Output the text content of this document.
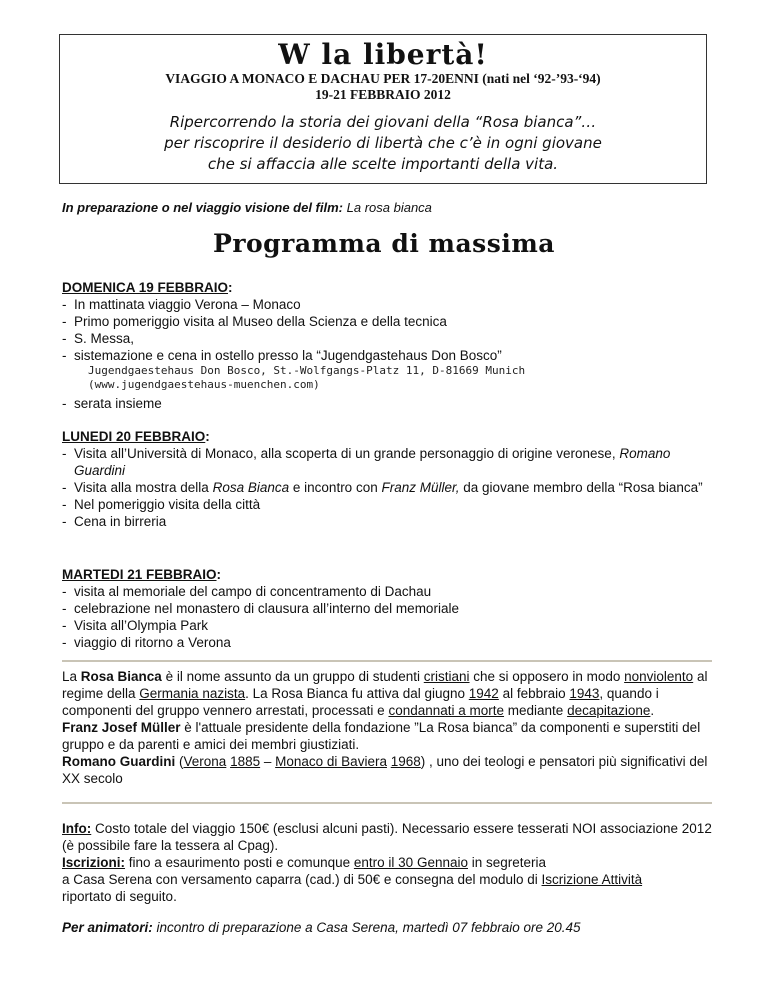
W la libertà!
VIAGGIO A MONACO E DACHAU PER 17-20ENNI (nati nel ‘92-’93-‘94)
19-21 FEBBRAIO 2012
Ripercorrendo la storia dei giovani della “Rosa bianca”…
per riscoprire il desiderio di libertà che c’è in ogni giovane
che si affaccia alle scelte importanti della vita.
In preparazione o nel viaggio visione del film: La rosa bianca
Programma di massima
DOMENICA 19 FEBBRAIO:
- In mattinata viaggio Verona – Monaco
- Primo pomeriggio visita al Museo della Scienza e della tecnica
- S. Messa,
- sistemazione e cena in ostello presso la “Jugendgastehaus Don Bosco”
Jugendgaestehaus Don Bosco, St.-Wolfgangs-Platz 11, D-81669 Munich
(www.jugendgaestehaus-muenchen.com)
- serata insieme
LUNEDI 20 FEBBRAIO:
- Visita all’Università di Monaco, alla scoperta di un grande personaggio di origine veronese, Romano Guardini
- Visita alla mostra della Rosa Bianca e incontro con Franz Müller, da giovane membro della “Rosa bianca”
- Nel pomeriggio visita della città
- Cena in birreria
MARTEDI 21 FEBBRAIO:
- visita al memoriale del campo di concentramento di Dachau
- celebrazione nel monastero di clausura all’interno del memoriale
- Visita all’Olympia Park
- viaggio di ritorno a Verona
La Rosa Bianca è il nome assunto da un gruppo di studenti cristiani che si opposero in modo nonviolento al regime della Germania nazista. La Rosa Bianca fu attiva dal giugno 1942 al febbraio 1943, quando i componenti del gruppo vennero arrestati, processati e condannati a morte mediante decapitazione.
Franz Josef Müller è l'attuale presidente della fondazione ”La Rosa bianca” da componenti e superstiti del gruppo e da parenti e amici dei membri giustiziati.
Romano Guardini (Verona 1885 – Monaco di Baviera 1968) , uno dei teologi e pensatori più significativi del XX secolo
Info: Costo totale del viaggio 150€ (esclusi alcuni pasti). Necessario essere tesserati NOI associazione 2012 (è possibile fare la tessera al Cpag).
Iscrizioni: fino a esaurimento posti e comunque entro il 30 Gennaio in segreteria
a Casa Serena con versamento caparra (cad.) di 50€ e consegna del modulo di Iscrizione Attività
riportato di seguito.
Per animatori: incontro di preparazione a Casa Serena, martedì 07 febbraio ore 20.45
